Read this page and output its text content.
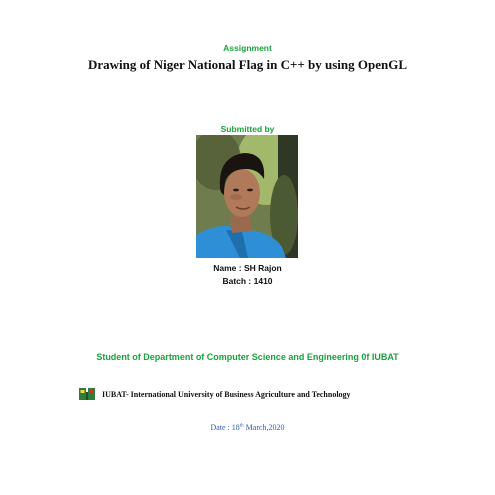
Assignment
Drawing of Niger National Flag in C++ by using OpenGL
Submitted by
Name : SH Rajon
Batch : 1410
Student of Department of Computer Science and Engineering 0f IUBAT
IUBAT- International University of Business Agriculture and Technology
Date : 18th March,2020
